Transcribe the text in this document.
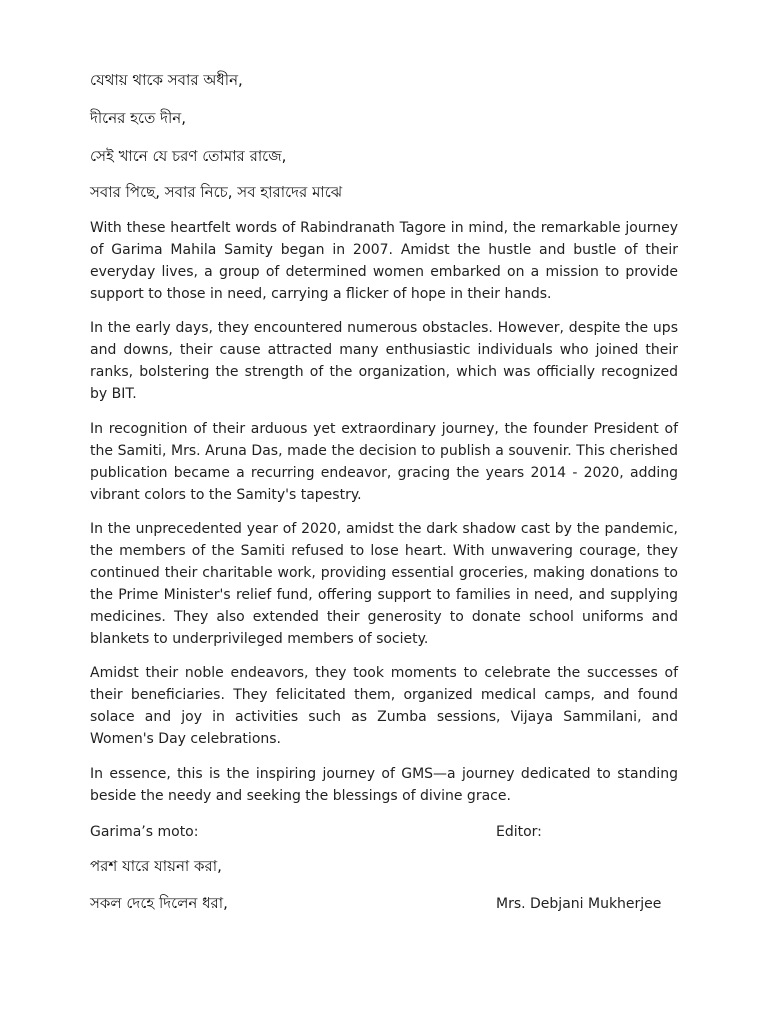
যেথায় থাকে সবার অধীন,
দীনের হতে দীন,
সেই খানে যে চরণ তোমার রাজে,
সবার পিছে, সবার নিচে, সব হারাদের মাঝে

With these heartfelt words of Rabindranath Tagore in mind, the remarkable journey of Garima Mahila Samity began in 2007. Amidst the hustle and bustle of their everyday lives, a group of determined women embarked on a mission to provide support to those in need, carrying a flicker of hope in their hands.

In the early days, they encountered numerous obstacles. However, despite the ups and downs, their cause attracted many enthusiastic individuals who joined their ranks, bolstering the strength of the organization, which was officially recognized by BIT.

In recognition of their arduous yet extraordinary journey, the founder President of the Samiti, Mrs. Aruna Das, made the decision to publish a souvenir. This cherished publication became a recurring endeavor, gracing the years 2014 - 2020, adding vibrant colors to the Samity's tapestry.

In the unprecedented year of 2020, amidst the dark shadow cast by the pandemic, the members of the Samiti refused to lose heart. With unwavering courage, they continued their charitable work, providing essential groceries, making donations to the Prime Minister's relief fund, offering support to families in need, and supplying medicines. They also extended their generosity to donate school uniforms and blankets to underprivileged members of society.

Amidst their noble endeavors, they took moments to celebrate the successes of their beneficiaries. They felicitated them, organized medical camps, and found solace and joy in activities such as Zumba sessions, Vijaya Sammilani, and Women's Day celebrations.

In essence, this is the inspiring journey of GMS—a journey dedicated to standing beside the needy and seeking the blessings of divine grace.

Garima’s moto:	Editor:
পরশ যারে যায়না করা,
সকল দেহে দিলেন ধরা,	Mrs. Debjani Mukherjee
